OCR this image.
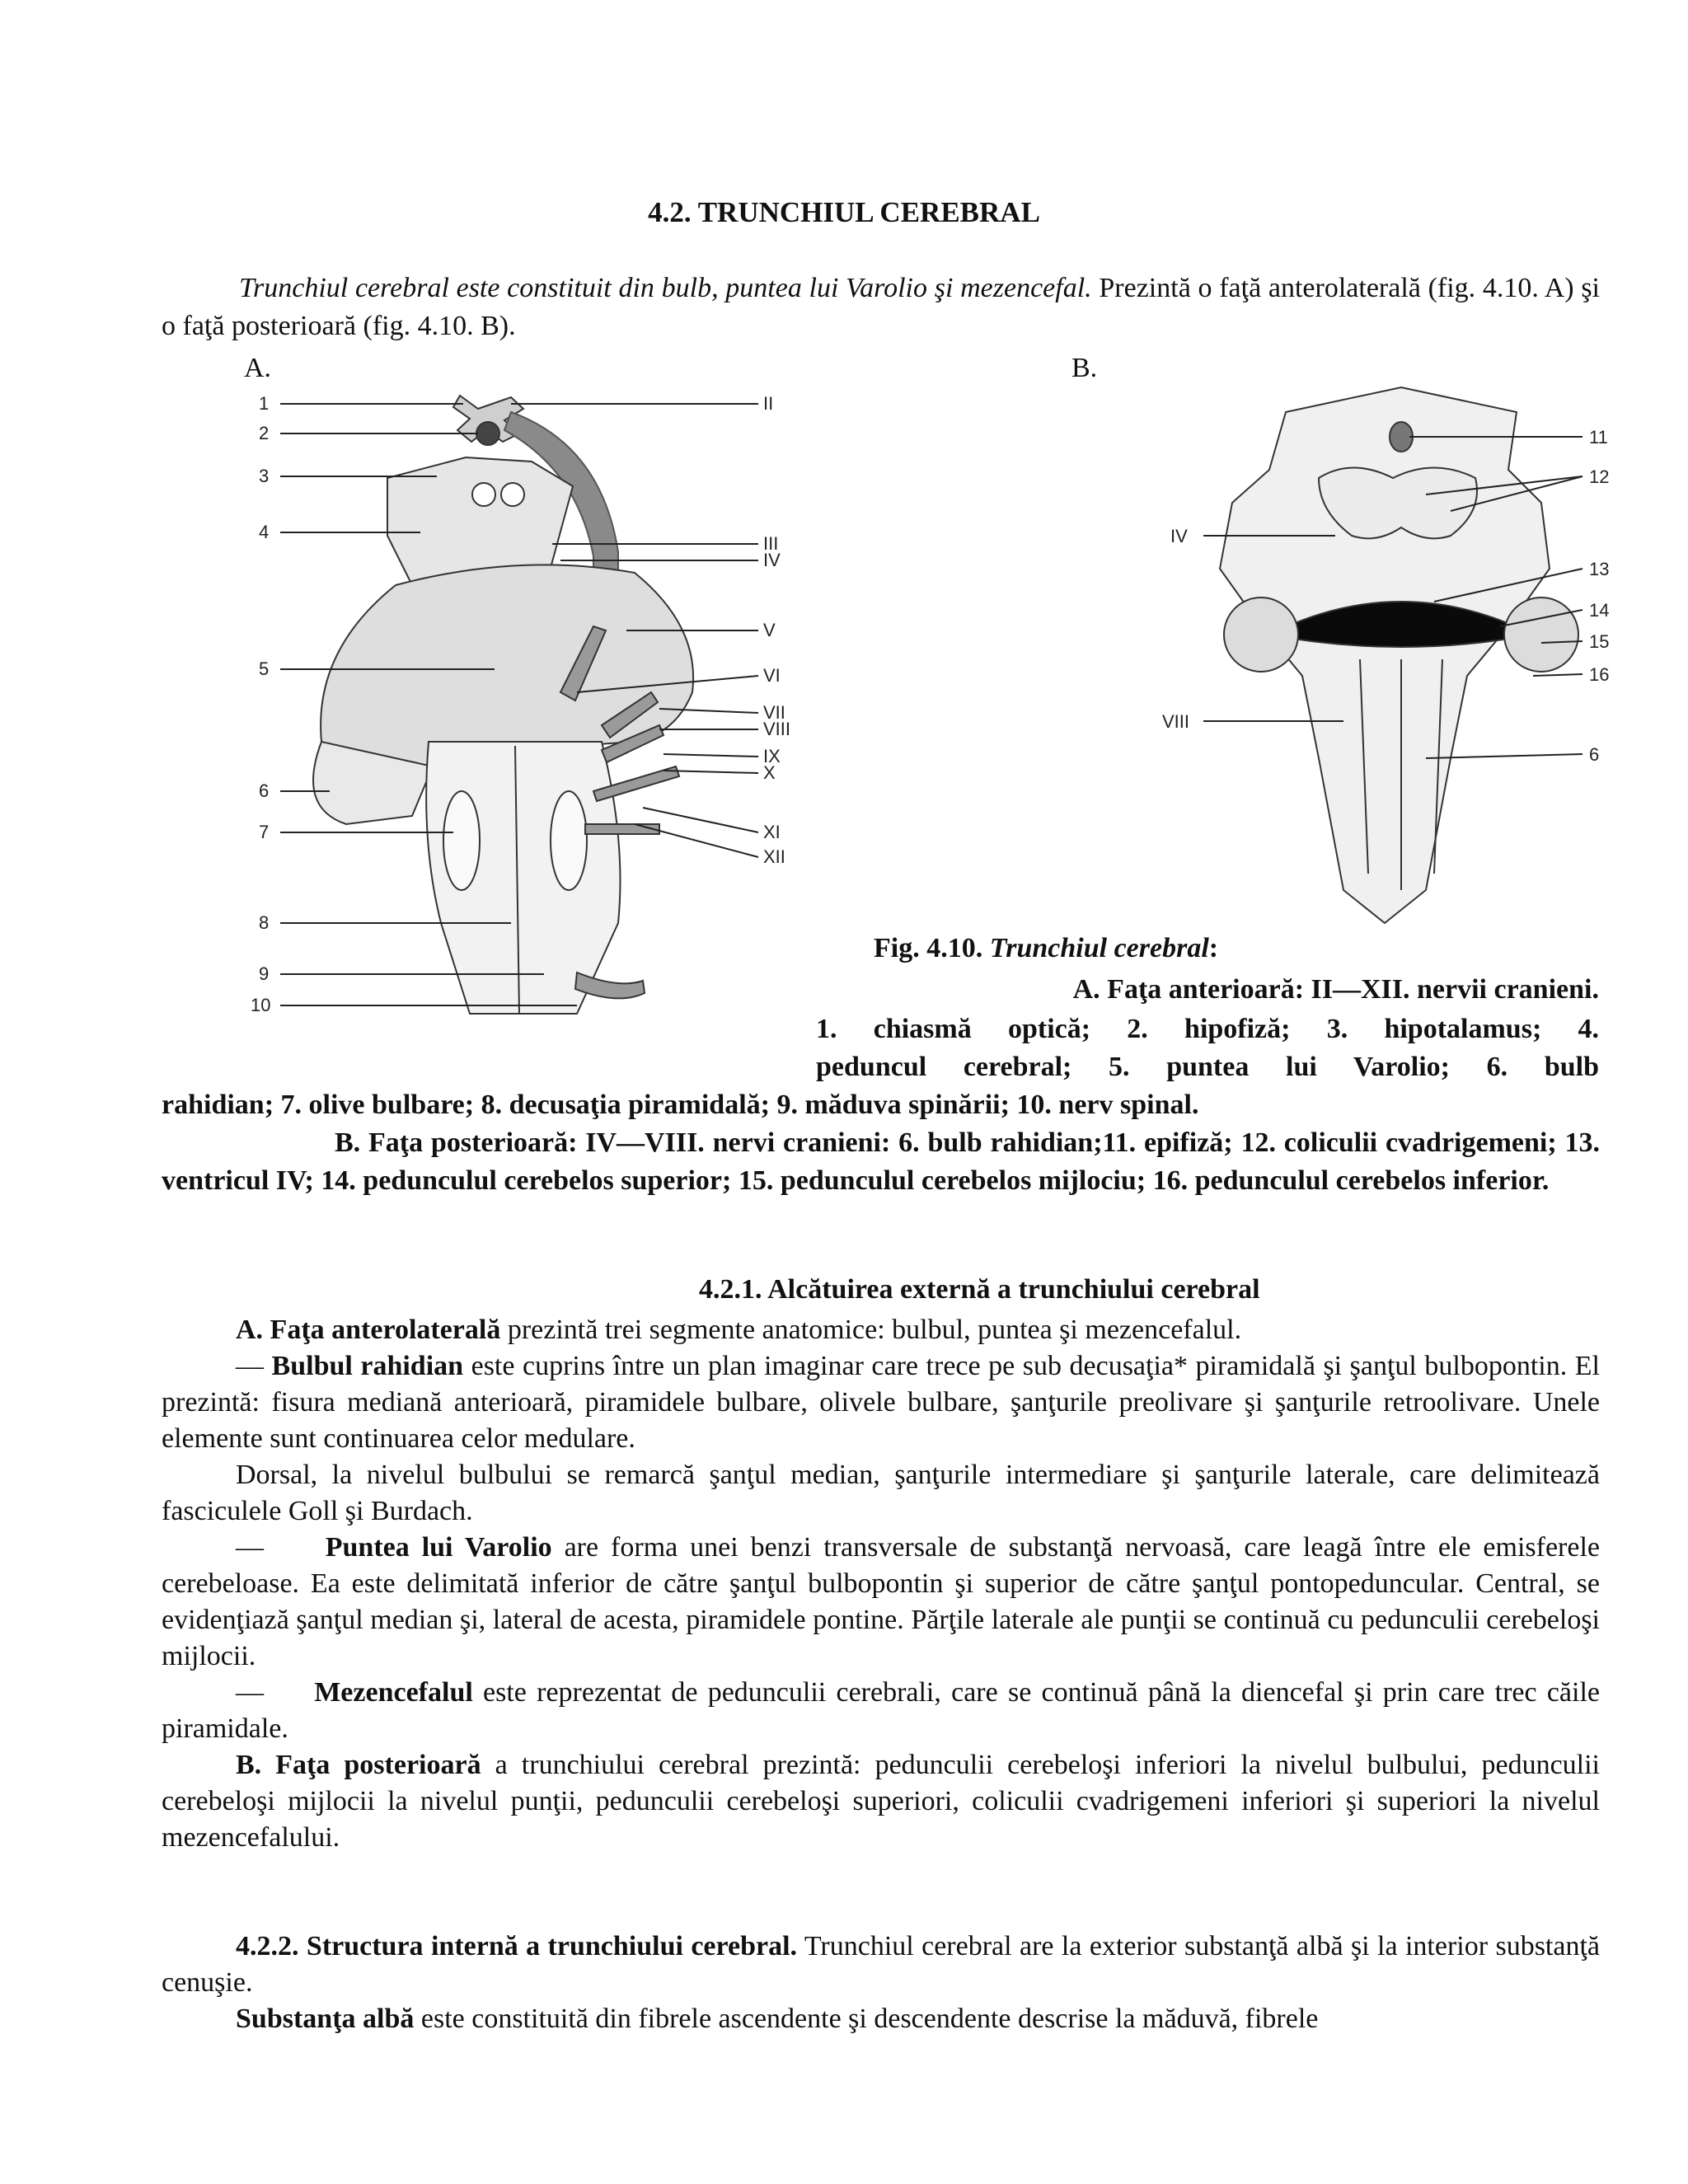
4.2. TRUNCHIUL CEREBRAL
Trunchiul cerebral este constituit din bulb, puntea lui Varolio şi mezencefal. Prezintă o faţă anterolaterală (fig. 4.10. A) şi o faţă posterioară (fig. 4.10. B).
A.	B.
1
2
3
4
5
6
7
8
9
10
II
III
IV
V
VI
VII
VIII
IX
X
XI
XII
IV
VIII
11
12
13
14
15
16
6
Fig. 4.10. Trunchiul cerebral:
A. Faţa anterioară: II—XII. nervii cranieni.
1. chiasmă optică; 2. hipofiză; 3. hipotalamus; 4.
peduncul cerebral; 5. puntea lui Varolio; 6. bulb
rahidian; 7. olive bulbare; 8. decusaţia piramidală; 9. măduva spinării; 10. nerv spinal.
B. Faţa posterioară: IV—VIII. nervi cranieni: 6. bulb rahidian;11. epifiză; 12. coliculii cvadrigemeni; 13. ventricul IV; 14. pedunculul cerebelos superior; 15. pedunculul cerebelos mijlociu; 16. pedunculul cerebelos inferior.
4.2.1. Alcătuirea externă a trunchiului cerebral

A. Faţa anterolaterală prezintă trei segmente anatomice: bulbul, puntea şi mezencefalul.

— Bulbul rahidian este cuprins între un plan imaginar care trece pe sub decusaţia* piramidală şi şanţul bulbopontin. El prezintă: fisura mediană anterioară, piramidele bulbare, olivele bulbare, şanţurile preolivare şi şanţurile retroolivare. Unele elemente sunt continuarea celor medulare.

Dorsal, la nivelul bulbului se remarcă şanţul median, şanţurile intermediare şi şanţurile laterale, care delimitează fasciculele Goll şi Burdach.

—     Puntea lui Varolio are forma unei benzi transversale de substanţă nervoasă, care leagă între ele emisferele cerebeloase. Ea este delimitată inferior de către şanţul bulbopontin şi superior de către şanţul pontopeduncular. Central, se evidenţiază şanţul median şi, lateral de acesta, piramidele pontine. Părţile laterale ale punţii se continuă cu pedunculii cerebeloşi mijlocii.

—     Mezencefalul este reprezentat de pedunculii cerebrali, care se continuă până la diencefal şi prin care trec căile piramidale.

B. Faţa posterioară a trunchiului cerebral prezintă: pedunculii cerebeloşi inferiori la nivelul bulbului, pedunculii cerebeloşi mijlocii la nivelul punţii, pedunculii cerebeloşi superiori, coliculii cvadrigemeni inferiori şi superiori la nivelul mezencefalului.

4.2.2. Structura internă a trunchiului cerebral. Trunchiul cerebral are la exterior substanţă albă şi la interior substanţă cenuşie.

Substanţa albă este constituită din fibrele ascendente şi descendente descrise la măduvă, fibrele
